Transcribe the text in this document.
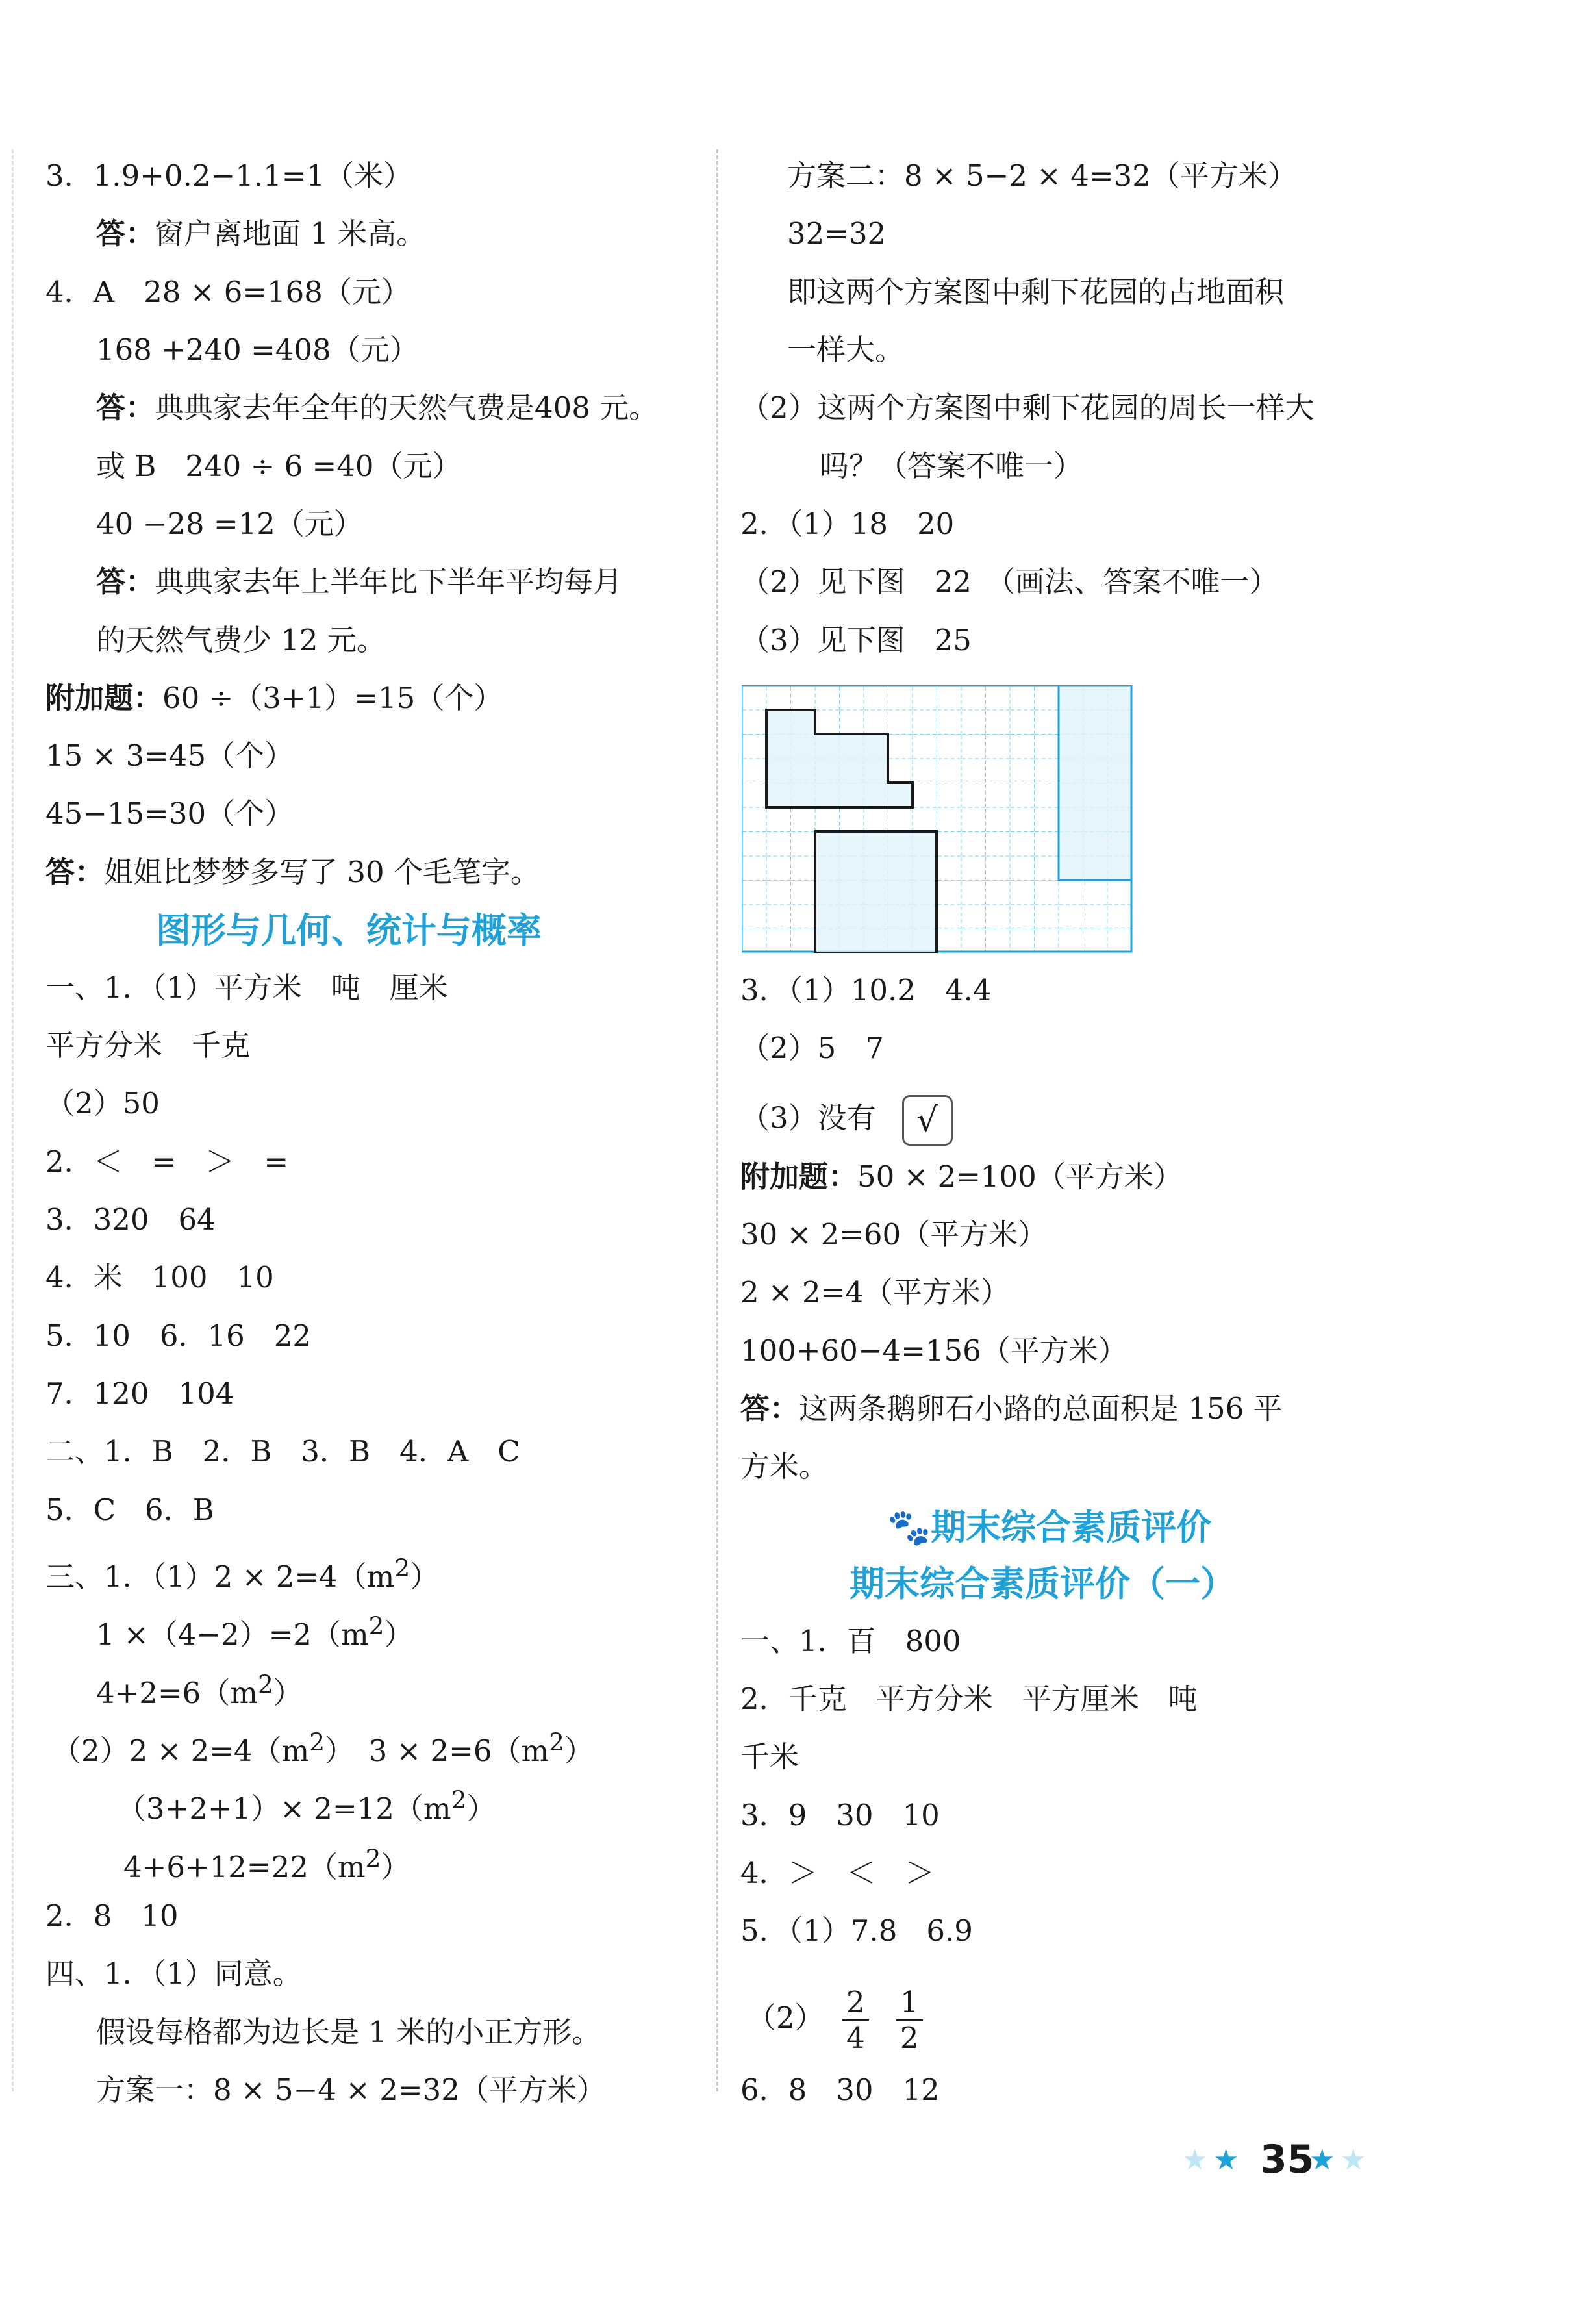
3．1.9+0.2−1.1=1（米）
答：窗户离地面 1 米高。
4．A　28 × 6=168（元）
168 +240 =408（元）
答：典典家去年全年的天然气费是408 元。
或 B　240 ÷ 6 =40（元）
40 −28 =12（元）
答：典典家去年上半年比下半年平均每月
的天然气费少 12 元。
附加题：60 ÷（3+1）=15（个）
15 × 3=45（个）
45−15=30（个）
答：姐姐比梦梦多写了 30 个毛笔字。
图形与几何、统计与概率
一、1．（1）平方米　吨　厘米
平方分米　千克
（2）50
2．＜　=　＞　=
3．320　64
4．米　100　10
5．10　6．16　22
7．120　104
二、1．B　2．B　3．B　4．A　C
5．C　6．B
三、1．$(1)2 \times 2=4(m^2)$
$1 \times(4-2)=2(m^2)$
$4+2=6(m^2)$
$(2)2 \times 2=4(m^2)$　$3 \times 2=6(m^2)$
$(3+2+1)\times 2=12(m^2)$
$4+6+12=22(m^2)$
2．8　10
四、1．（1）同意。
假设每格都为边长是 1 米的小正方形。
方案一：8 × 5−4 × 2=32（平方米）
方案二：8 × 5−2 × 4=32（平方米）
32=32
即这两个方案图中剩下花园的占地面积
一样大。
（2）这两个方案图中剩下花园的周长一样大
吗？（答案不唯一）
2．（1）18　20
（2）见下图　22　（画法、答案不唯一）
（3）见下图　25
3．（1）10.2　4.4
（2）5　7
（3）没有 √
附加题：50 × 2=100（平方米）
30 × 2=60（平方米）
2 × 2=4（平方米）
100+60−4=156（平方米）
答：这两条鹅卵石小路的总面积是 156 平
方米。
🐾期末综合素质评价
期末综合素质评价（一）
一、1．百　800
2．千克　平方分米　平方厘米　吨
千米
3．9　30　10
4．＞　＜　＞
5．（1）7.8　6.9
$(2) \frac{2}{4}$
$\frac{1}{2}$
6．8　30　12
★ ★ 35
★ ★
